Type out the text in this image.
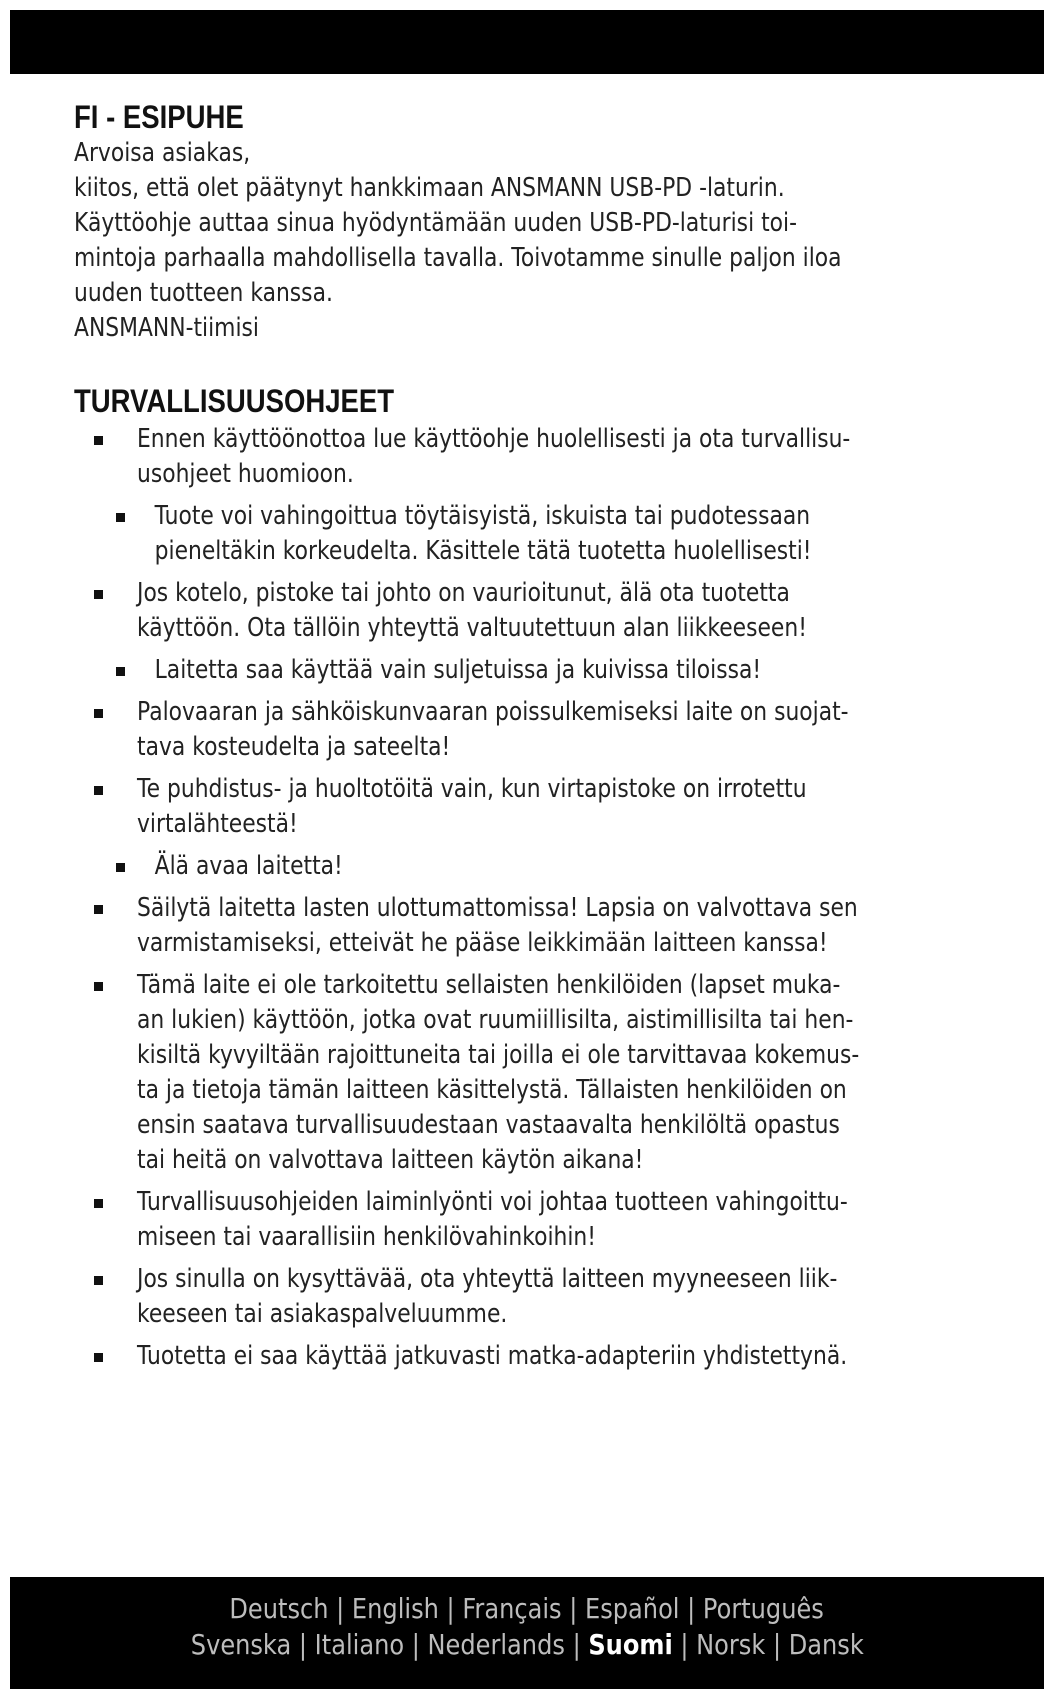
FI - ESIPUHE

Arvoisa asiakas,

kiitos, että olet päätynyt hankkimaan ANSMANN USB-PD -laturin.

Käyttöohje auttaa sinua hyödyntämään uuden USB-PD-laturisi toi-

mintoja parhaalla mahdollisella tavalla. Toivotamme sinulle paljon iloa

uuden tuotteen kanssa.

ANSMANN-tiimisi

TURVALLISUUSOHJEET
Ennen käyttöönottoa lue käyttöohje huolellisesti ja ota turvallisu-
usohjeet huomioon.
Tuote voi vahingoittua töytäisyistä, iskuista tai pudotessaan
pieneltäkin korkeudelta. Käsittele tätä tuotetta huolellisesti!
Jos kotelo, pistoke tai johto on vaurioitunut, älä ota tuotetta
käyttöön. Ota tällöin yhteyttä valtuutettuun alan liikkeeseen!
Laitetta saa käyttää vain suljetuissa ja kuivissa tiloissa!
Palovaaran ja sähköiskunvaaran poissulkemiseksi laite on suojat-
tava kosteudelta ja sateelta!
Te puhdistus- ja huoltotöitä vain, kun virtapistoke on irrotettu
virtalähteestä!
Älä avaa laitetta!
Säilytä laitetta lasten ulottumattomissa! Lapsia on valvottava sen
varmistamiseksi, etteivät he pääse leikkimään laitteen kanssa!
Tämä laite ei ole tarkoitettu sellaisten henkilöiden (lapset muka-
an lukien) käyttöön, jotka ovat ruumiillisilta, aistimillisilta tai hen-
kisiltä kyvyiltään rajoittuneita tai joilla ei ole tarvittavaa kokemus-
ta ja tietoja tämän laitteen käsittelystä. Tällaisten henkilöiden on
ensin saatava turvallisuudestaan vastaavalta henkilöltä opastus
tai heitä on valvottava laitteen käytön aikana!
Turvallisuusohjeiden laiminlyönti voi johtaa tuotteen vahingoittu-
miseen tai vaarallisiin henkilövahinkoihin!
Jos sinulla on kysyttävää, ota yhteyttä laitteen myyneeseen liik-
keeseen tai asiakaspalveluumme.
Tuotetta ei saa käyttää jatkuvasti matka-adapteriin yhdistettynä.
Deutsch | English | Français | Español | Português
Svenska | Italiano | Nederlands | Suomi | Norsk | Dansk
